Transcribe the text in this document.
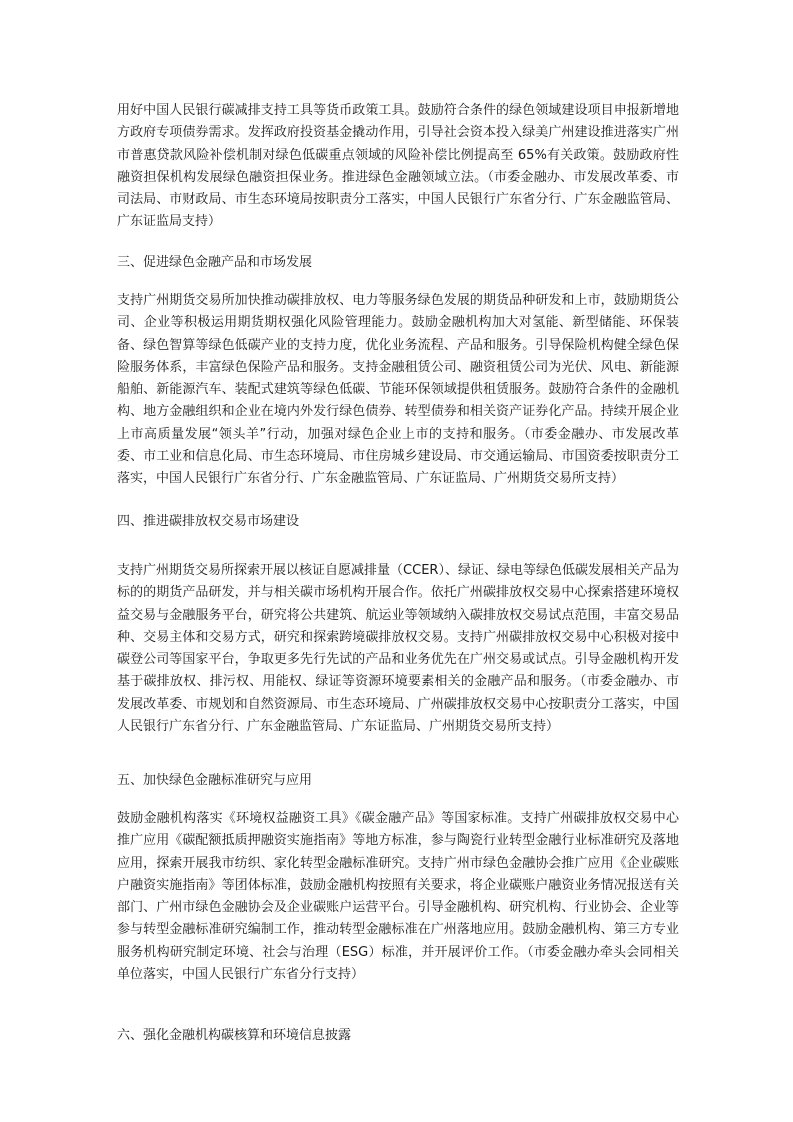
用好中国人民银行碳减排支持工具等货币政策工具。鼓励符合条件的绿色领域建设项目申报新增地方政府专项债券需求。发挥政府投资基金撬动作用，引导社会资本投入绿美广州建设推进落实广州市普惠贷款风险补偿机制对绿色低碳重点领域的风险补偿比例提高至 65%有关政策。鼓励政府性融资担保机构发展绿色融资担保业务。推进绿色金融领域立法。（市委金融办、市发展改革委、市司法局、市财政局、市生态环境局按职责分工落实，中国人民银行广东省分行、广东金融监管局、广东证监局支持）

三、促进绿色金融产品和市场发展

支持广州期货交易所加快推动碳排放权、电力等服务绿色发展的期货品种研发和上市，鼓励期货公司、企业等积极运用期货期权强化风险管理能力。鼓励金融机构加大对氢能、新型储能、环保装备、绿色智算等绿色低碳产业的支持力度，优化业务流程、产品和服务。引导保险机构健全绿色保险服务体系，丰富绿色保险产品和服务。支持金融租赁公司、融资租赁公司为光伏、风电、新能源船舶、新能源汽车、装配式建筑等绿色低碳、节能环保领域提供租赁服务。鼓励符合条件的金融机构、地方金融组织和企业在境内外发行绿色债券、转型债券和相关资产证券化产品。持续开展企业上市高质量发展“领头羊”行动，加强对绿色企业上市的支持和服务。（市委金融办、市发展改革委、市工业和信息化局、市生态环境局、市住房城乡建设局、市交通运输局、市国资委按职责分工落实，中国人民银行广东省分行、广东金融监管局、广东证监局、广州期货交易所支持）

四、推进碳排放权交易市场建设

支持广州期货交易所探索开展以核证自愿减排量（CCER）、绿证、绿电等绿色低碳发展相关产品为标的的期货产品研发，并与相关碳市场机构开展合作。依托广州碳排放权交易中心探索搭建环境权益交易与金融服务平台，研究将公共建筑、航运业等领域纳入碳排放权交易试点范围，丰富交易品种、交易主体和交易方式，研究和探索跨境碳排放权交易。支持广州碳排放权交易中心积极对接中碳登公司等国家平台，争取更多先行先试的产品和业务优先在广州交易或试点。引导金融机构开发基于碳排放权、排污权、用能权、绿证等资源环境要素相关的金融产品和服务。（市委金融办、市发展改革委、市规划和自然资源局、市生态环境局、广州碳排放权交易中心按职责分工落实，中国人民银行广东省分行、广东金融监管局、广东证监局、广州期货交易所支持）

五、加快绿色金融标准研究与应用

鼓励金融机构落实《环境权益融资工具》《碳金融产品》等国家标准。支持广州碳排放权交易中心推广应用《碳配额抵质押融资实施指南》等地方标准，参与陶瓷行业转型金融行业标准研究及落地应用，探索开展我市纺织、家化转型金融标准研究。支持广州市绿色金融协会推广应用《企业碳账户融资实施指南》等团体标准，鼓励金融机构按照有关要求，将企业碳账户融资业务情况报送有关部门、广州市绿色金融协会及企业碳账户运营平台。引导金融机构、研究机构、行业协会、企业等参与转型金融标准研究编制工作，推动转型金融标准在广州落地应用。鼓励金融机构、第三方专业服务机构研究制定环境、社会与治理（ESG）标准，并开展评价工作。（市委金融办牵头会同相关单位落实，中国人民银行广东省分行支持）

六、强化金融机构碳核算和环境信息披露
